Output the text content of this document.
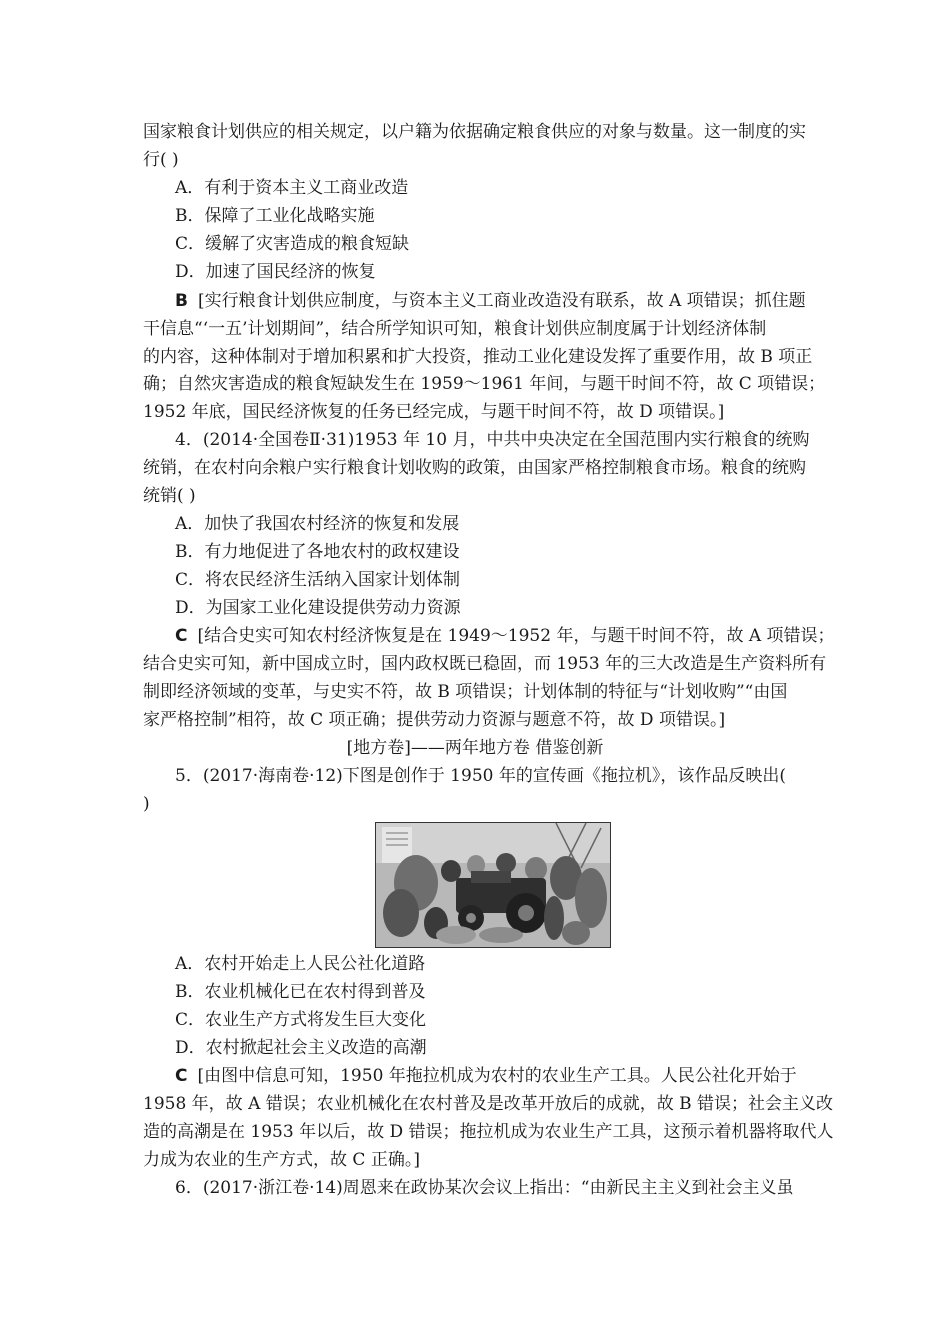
国家粮食计划供应的相关规定，以户籍为依据确定粮食供应的对象与数量。这一制度的实
行( )
A．有利于资本主义工商业改造
B．保障了工业化战略实施
C．缓解了灾害造成的粮食短缺
D．加速了国民经济的恢复
B [实行粮食计划供应制度，与资本主义工商业改造没有联系，故 A 项错误；抓住题
干信息“‘一五’计划期间”，结合所学知识可知，粮食计划供应制度属于计划经济体制
的内容，这种体制对于增加积累和扩大投资，推动工业化建设发挥了重要作用，故 B 项正
确；自然灾害造成的粮食短缺发生在 1959～1961 年间，与题干时间不符，故 C 项错误；
1952 年底，国民经济恢复的任务已经完成，与题干时间不符，故 D 项错误。]
4．(2014·全国卷Ⅱ·31)1953 年 10 月，中共中央决定在全国范围内实行粮食的统购
统销，在农村向余粮户实行粮食计划收购的政策，由国家严格控制粮食市场。粮食的统购
统销( )
A．加快了我国农村经济的恢复和发展
B．有力地促进了各地农村的政权建设
C．将农民经济生活纳入国家计划体制
D．为国家工业化建设提供劳动力资源
C [结合史实可知农村经济恢复是在 1949～1952 年，与题干时间不符，故 A 项错误；
结合史实可知，新中国成立时，国内政权既已稳固，而 1953 年的三大改造是生产资料所有
制即经济领域的变革，与史实不符，故 B 项错误；计划体制的特征与“计划收购”“由国
家严格控制”相符，故 C 项正确；提供劳动力资源与题意不符，故 D 项错误。]
[地方卷]——两年地方卷 借鉴创新
5．(2017·海南卷·12)下图是创作于 1950 年的宣传画《拖拉机》，该作品反映出(
)
A．农村开始走上人民公社化道路
B．农业机械化已在农村得到普及
C．农业生产方式将发生巨大变化
D．农村掀起社会主义改造的高潮
C [由图中信息可知，1950 年拖拉机成为农村的农业生产工具。人民公社化开始于
1958 年，故 A 错误；农业机械化在农村普及是改革开放后的成就，故 B 错误；社会主义改
造的高潮是在 1953 年以后，故 D 错误；拖拉机成为农业生产工具，这预示着机器将取代人
力成为农业的生产方式，故 C 正确。]
6．(2017·浙江卷·14)周恩来在政协某次会议上指出：“由新民主主义到社会主义虽
